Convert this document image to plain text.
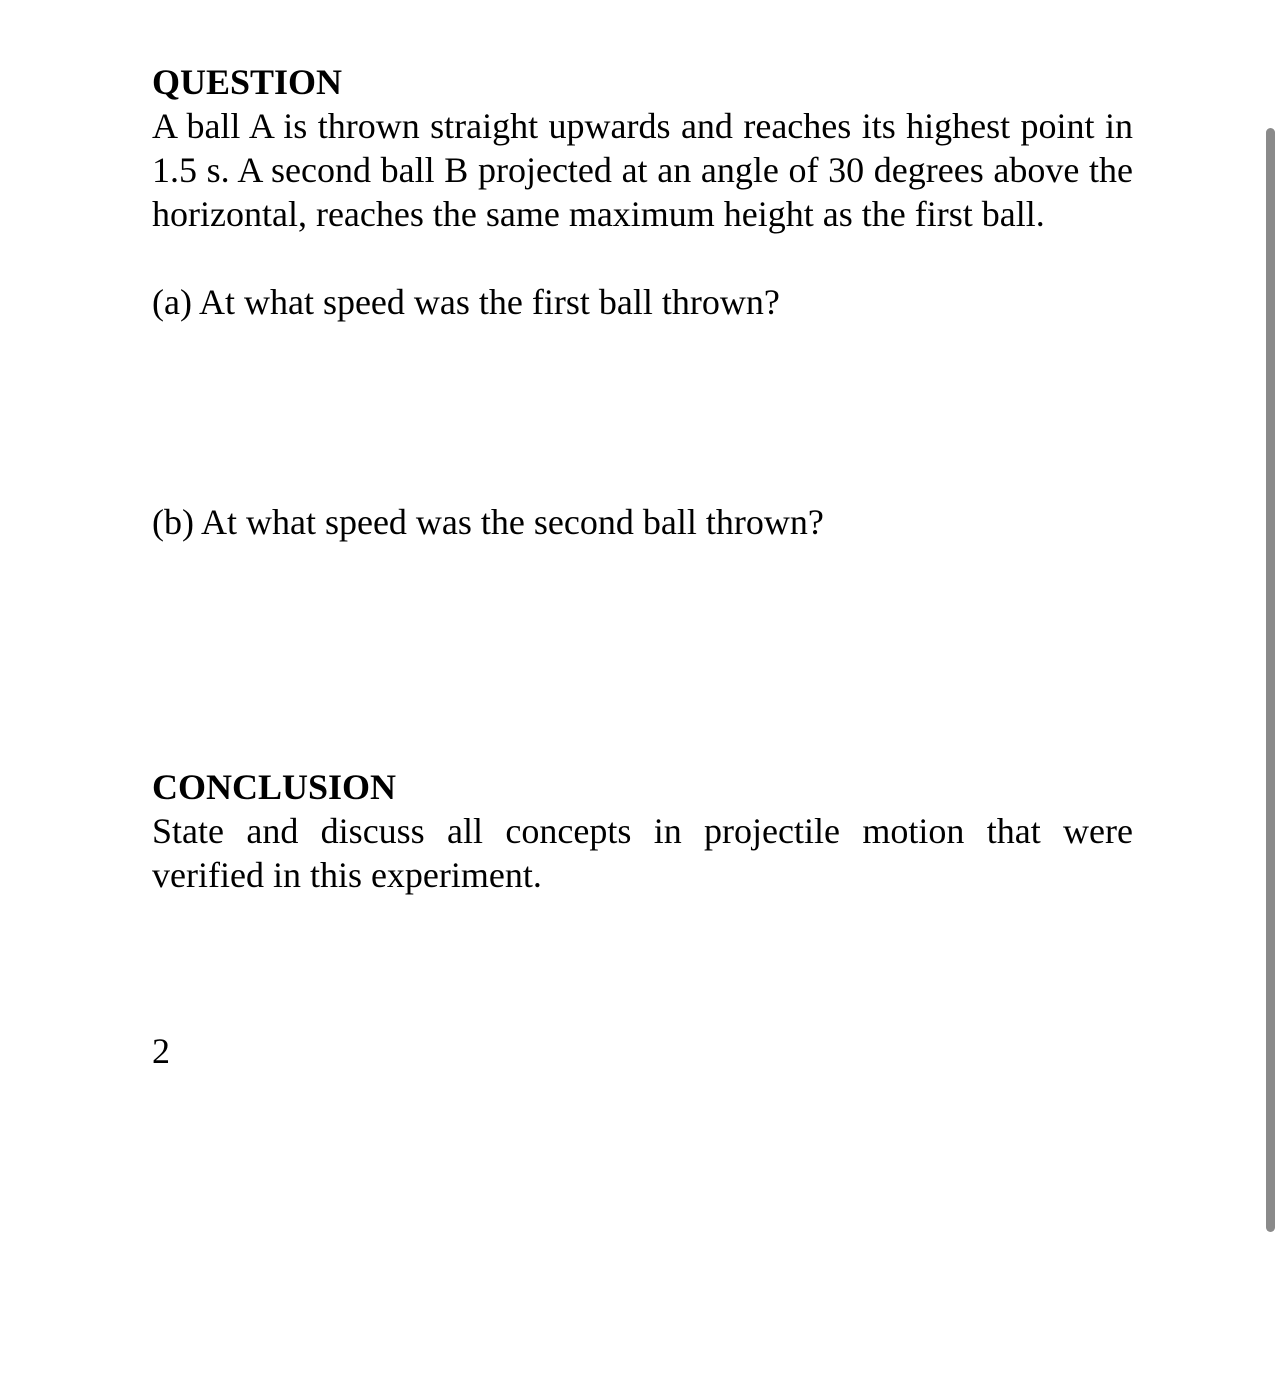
QUESTION
A ball A is thrown straight upwards and reaches its highest point in 1.5 s. A second ball B projected at an angle of 30 degrees above the horizontal, reaches the same maximum height as the first ball.
(a) At what speed was the first ball thrown?
(b) At what speed was the second ball thrown?
CONCLUSION
State and discuss all concepts in projectile motion that were verified in this experiment.
2
